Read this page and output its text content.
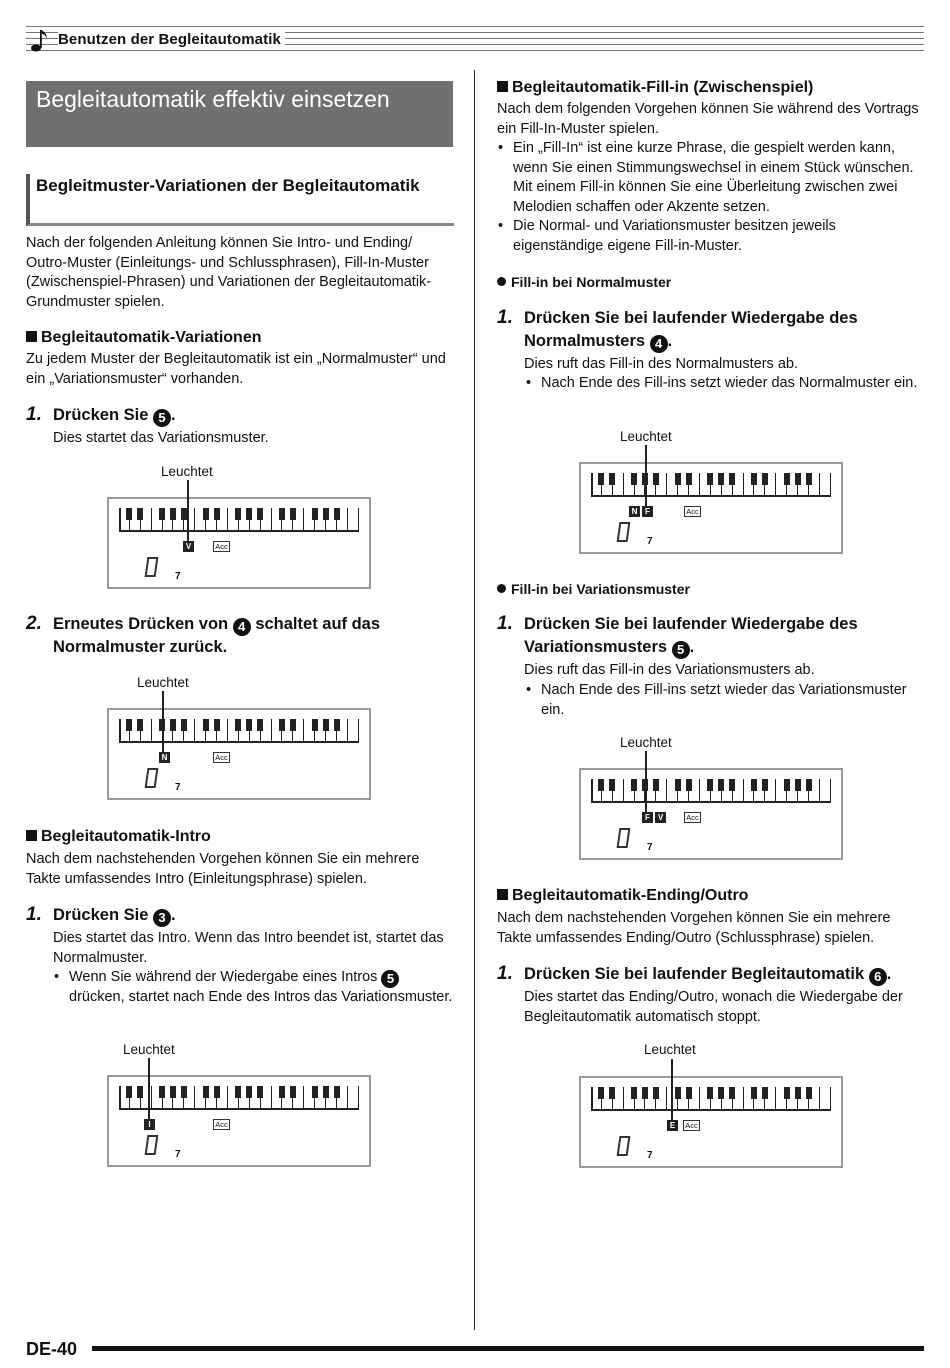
Benutzen der Begleitautomatik
Begleitautomatik effektiv einsetzen
Begleitmuster-Variationen der Begleitautomatik
Nach der folgenden Anleitung können Sie Intro- und Ending/ Outro-Muster (Einleitungs- und Schlussphrasen), Fill-In-Muster (Zwischenspiel-Phrasen) und Variationen der Begleitautomatik-Grundmuster spielen.
Begleitautomatik-Variationen
Zu jedem Muster der Begleitautomatik ist ein „Normalmuster“ und ein „Variationsmuster“ vorhanden.
1. Drücken Sie 5 .
Dies startet das Variationsmuster.
Leuchtet
V	Acc
7
2. Erneutes Drücken von 4 schaltet auf das
Normalmuster zurück.
Leuchtet
N	Acc
7
Begleitautomatik-Intro
Nach dem nachstehenden Vorgehen können Sie ein mehrere Takte umfassendes Intro (Einleitungsphrase) spielen.
1. Drücken Sie 3 .
Dies startet das Intro. Wenn das Intro beendet ist, startet das Normalmuster.
• Wenn Sie während der Wiedergabe eines Intros 5 drücken, startet nach Ende des Intros das Variationsmuster.
Leuchtet
I	Acc
7
Begleitautomatik-Fill-in (Zwischenspiel)
Nach dem folgenden Vorgehen können Sie während des Vortrags ein Fill-In-Muster spielen.
• Ein „Fill-In“ ist eine kurze Phrase, die gespielt werden kann, wenn Sie einen Stimmungswechsel in einem Stück wünschen. Mit einem Fill-in können Sie eine Überleitung zwischen zwei Melodien schaffen oder Akzente setzen.
• Die Normal- und Variationsmuster besitzen jeweils eigenständige eigene Fill-in-Muster.
Fill-in bei Normalmuster
1. Drücken Sie bei laufender Wiedergabe des
Normalmusters 4 .
Dies ruft das Fill-in des Normalmusters ab.
• Nach Ende des Fill-ins setzt wieder das Normalmuster ein.
Leuchtet
N F	Acc
7
Fill-in bei Variationsmuster
1. Drücken Sie bei laufender Wiedergabe des
Variationsmusters 5 .
Dies ruft das Fill-in des Variationsmusters ab.
• Nach Ende des Fill-ins setzt wieder das Variationsmuster ein.
Leuchtet
F V	Acc
7
Begleitautomatik-Ending/Outro
Nach dem nachstehenden Vorgehen können Sie ein mehrere Takte umfassendes Ending/Outro (Schlussphrase) spielen.
1. Drücken Sie bei laufender Begleitautomatik 6 .
Dies startet das Ending/Outro, wonach die Wiedergabe der Begleitautomatik automatisch stoppt.
Leuchtet
E	Acc
7
DE-40
